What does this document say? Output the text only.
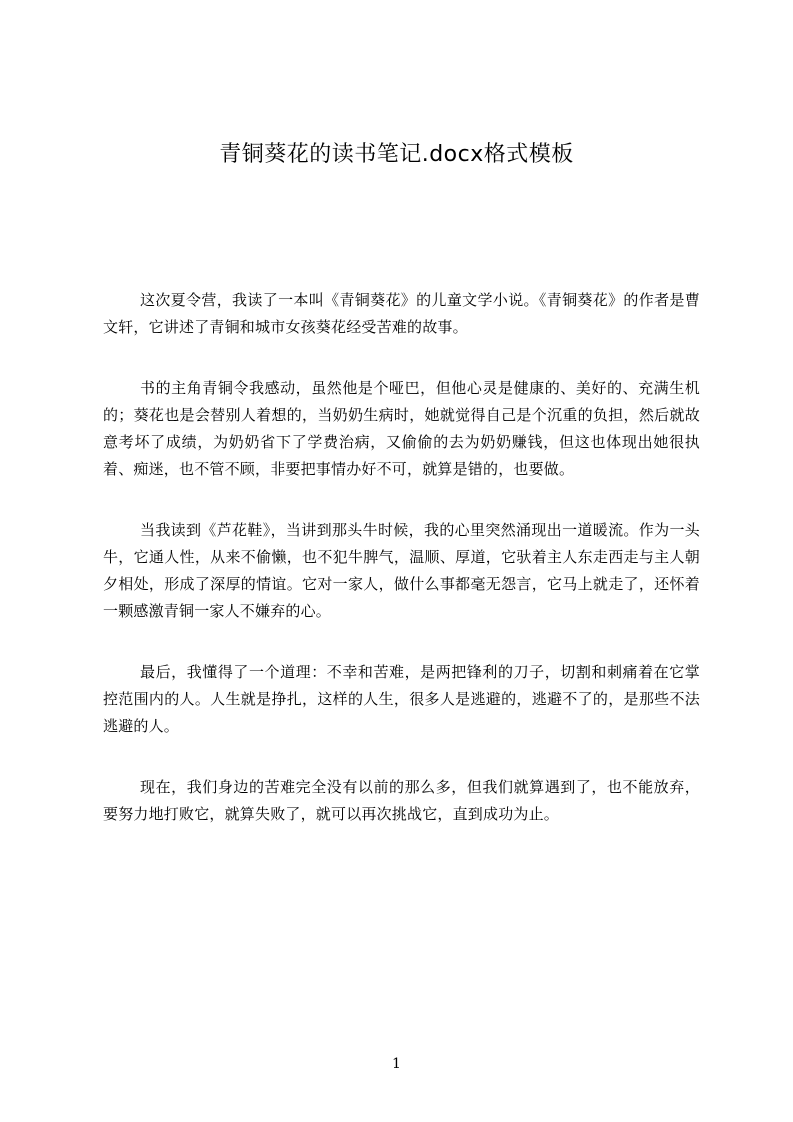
青铜葵花的读书笔记.docx格式模板

这次夏令营，我读了一本叫《青铜葵花》的儿童文学小说。《青铜葵花》的作者是曹文轩，它讲述了青铜和城市女孩葵花经受苦难的故事。

书的主角青铜令我感动，虽然他是个哑巴，但他心灵是健康的、美好的、充满生机的；葵花也是会替别人着想的，当奶奶生病时，她就觉得自己是个沉重的负担，然后就故意考坏了成绩，为奶奶省下了学费治病，又偷偷的去为奶奶赚钱，但这也体现出她很执着、痴迷，也不管不顾，非要把事情办好不可，就算是错的，也要做。

当我读到《芦花鞋》，当讲到那头牛时候，我的心里突然涌现出一道暖流。作为一头牛，它通人性，从来不偷懒，也不犯牛脾气，温顺、厚道，它驮着主人东走西走与主人朝夕相处，形成了深厚的情谊。它对一家人，做什么事都毫无怨言，它马上就走了，还怀着一颗感激青铜一家人不嫌弃的心。

最后，我懂得了一个道理：不幸和苦难，是两把锋利的刀子，切割和刺痛着在它掌控范围内的人。人生就是挣扎，这样的人生，很多人是逃避的，逃避不了的，是那些不法逃避的人。

现在，我们身边的苦难完全没有以前的那么多，但我们就算遇到了，也不能放弃，要努力地打败它，就算失败了，就可以再次挑战它，直到成功为止。

1
